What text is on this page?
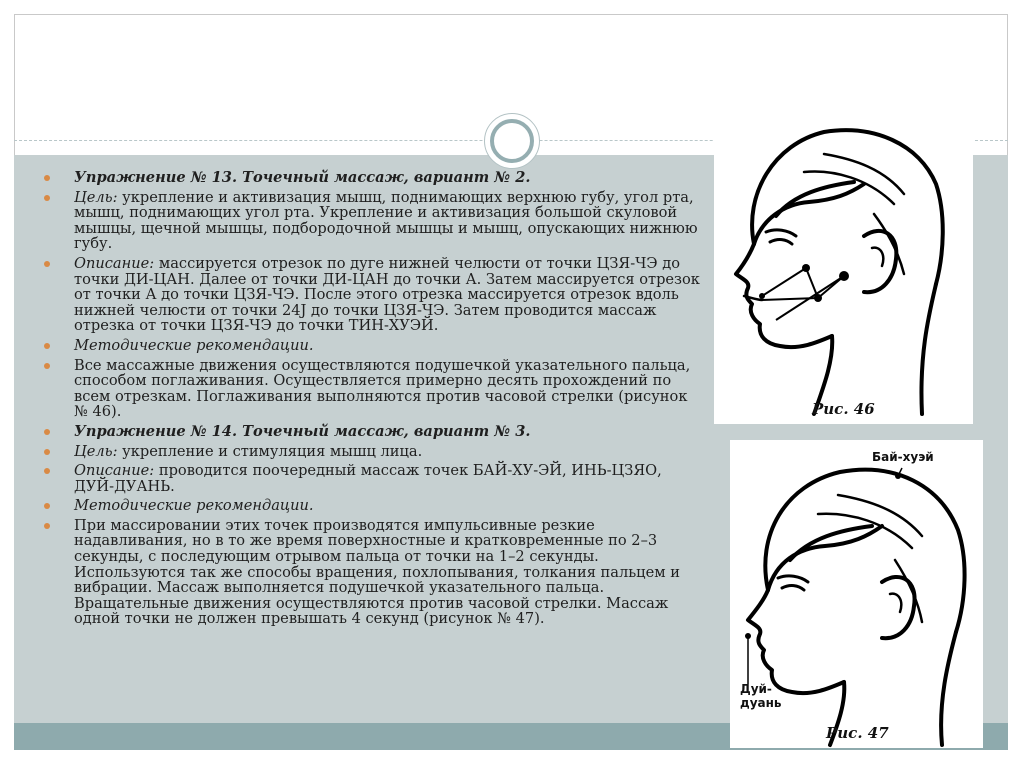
Упражнение № 13. Точечный массаж, вариант № 2.
Цель: укрепление и активизация мышц, поднимающих верхнюю губу, угол рта, мышц, поднимающих угол рта. Укрепление и активизация большой скуловой мышцы, щечной мышцы, подбородочной мышцы и мышц, опускающих нижнюю губу.
Описание: массируется отрезок по дуге нижней челюсти от точки ЦЗЯ-ЧЭ до точки ДИ-ЦАН. Далее от точки ДИ-ЦАН до точки А. Затем массируется отрезок от точки А до точки ЦЗЯ-ЧЭ. После этого отрезка массируется отрезок вдоль нижней челюсти от точки 24J до точки ЦЗЯ-ЧЭ. Затем проводится массаж отрезка от точки ЦЗЯ-ЧЭ до точки ТИН-ХУЭЙ.
Методические рекомендации.
Все массажные движения осуществляются подушечкой указательного пальца, способом поглаживания. Осуществляется примерно десять прохождений по всем отрезкам. Поглаживания выполняются против часовой стрелки (рисунок № 46).
Упражнение № 14. Точечный массаж, вариант № 3.
Цель: укрепление и стимуляция мышц лица.
Описание: проводится поочередный массаж точек БАЙ-ХУ-ЭЙ, ИНЬ-ЦЗЯО, ДУЙ-ДУАНЬ.
Методические рекомендации.
При массировании этих точек производятся импульсивные резкие надавливания, но в то же время поверхностные и кратковременные по 2–3 секунды, с последующим отрывом пальца от точки на 1–2 секунды. Используются так же способы вращения, похлопывания, толкания пальцем и вибрации. Массаж выполняется подушечкой указательного пальца. Вращательные движения осуществляются против часовой стрелки. Массаж одной точки не должен превышать 4 секунд (рисунок № 47).
Рис. 46
Бай-хуэй
Дуй-
дуань
Рис. 47
